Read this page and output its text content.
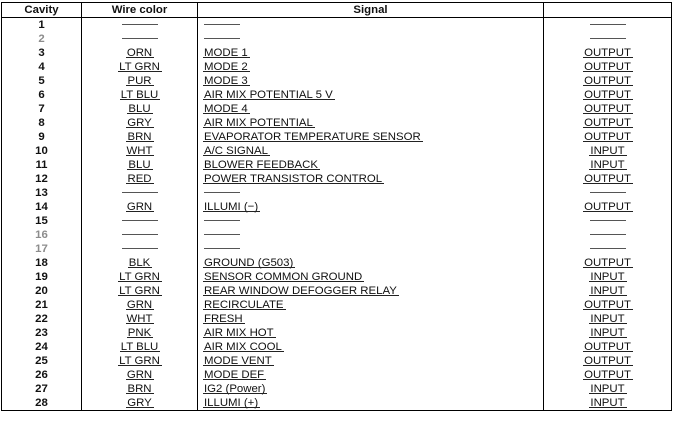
Cavity	Wire color	Signal	
1			
2			
3	ORN	MODE 1	OUTPUT
4	LT GRN	MODE 2	OUTPUT
5	PUR	MODE 3	OUTPUT
6	LT BLU	AIR MIX POTENTIAL 5 V	OUTPUT
7	BLU	MODE 4	OUTPUT
8	GRY	AIR MIX POTENTIAL	OUTPUT
9	BRN	EVAPORATOR TEMPERATURE SENSOR	OUTPUT
10	WHT	A/C SIGNAL	INPUT
11	BLU	BLOWER FEEDBACK	INPUT
12	RED	POWER TRANSISTOR CONTROL	OUTPUT
13			
14	GRN	ILLUMI (−)	OUTPUT
15			
16			
17			
18	BLK	GROUND (G503)	OUTPUT
19	LT GRN	SENSOR COMMON GROUND	INPUT
20	LT GRN	REAR WINDOW DEFOGGER RELAY	INPUT
21	GRN	RECIRCULATE	OUTPUT
22	WHT	FRESH	INPUT
23	PNK	AIR MIX HOT	INPUT
24	LT BLU	AIR MIX COOL	OUTPUT
25	LT GRN	MODE VENT	OUTPUT
26	GRN	MODE DEF	OUTPUT
27	BRN	IG2 (Power)	INPUT
28	GRY	ILLUMI (+)	INPUT
